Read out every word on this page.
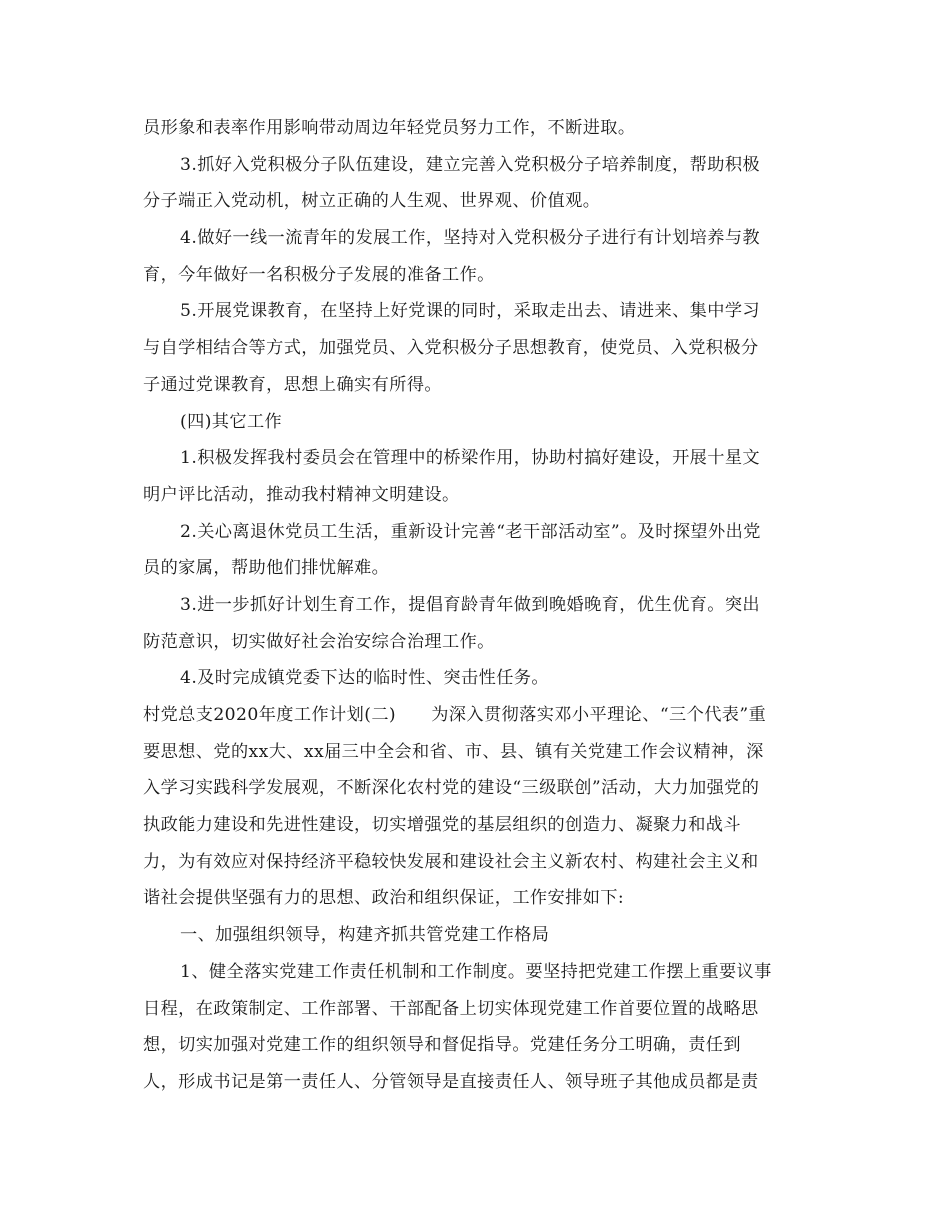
员形象和表率作用影响带动周边年轻党员努力工作，不断进取。
3.抓好入党积极分子队伍建设，建立完善入党积极分子培养制度，帮助积极
分子端正入党动机，树立正确的人生观、世界观、价值观。
4.做好一线一流青年的发展工作，坚持对入党积极分子进行有计划培养与教
育，今年做好一名积极分子发展的准备工作。
5.开展党课教育，在坚持上好党课的同时，采取走出去、请进来、集中学习
与自学相结合等方式，加强党员、入党积极分子思想教育，使党员、入党积极分
子通过党课教育，思想上确实有所得。
(四)其它工作
1.积极发挥我村委员会在管理中的桥梁作用，协助村搞好建设，开展十星文
明户评比活动，推动我村精神文明建设。
2.关心离退休党员工生活，重新设计完善“老干部活动室”。及时探望外出党
员的家属，帮助他们排忧解难。
3.进一步抓好计划生育工作，提倡育龄青年做到晚婚晚育，优生优育。突出
防范意识，切实做好社会治安综合治理工作。
4.及时完成镇党委下达的临时性、突击性任务。
村党总支2020年度工作计划(二)　　为深入贯彻落实邓小平理论、“三个代表”重
要思想、党的xx大、xx届三中全会和省、市、县、镇有关党建工作会议精神，深
入学习实践科学发展观，不断深化农村党的建设“三级联创”活动，大力加强党的
执政能力建设和先进性建设，切实增强党的基层组织的创造力、凝聚力和战斗
力，为有效应对保持经济平稳较快发展和建设社会主义新农村、构建社会主义和
谐社会提供坚强有力的思想、政治和组织保证，工作安排如下:
一、加强组织领导，构建齐抓共管党建工作格局
1、健全落实党建工作责任机制和工作制度。要坚持把党建工作摆上重要议事
日程，在政策制定、工作部署、干部配备上切实体现党建工作首要位置的战略思
想，切实加强对党建工作的组织领导和督促指导。党建任务分工明确，责任到
人，形成书记是第一责任人、分管领导是直接责任人、领导班子其他成员都是责
